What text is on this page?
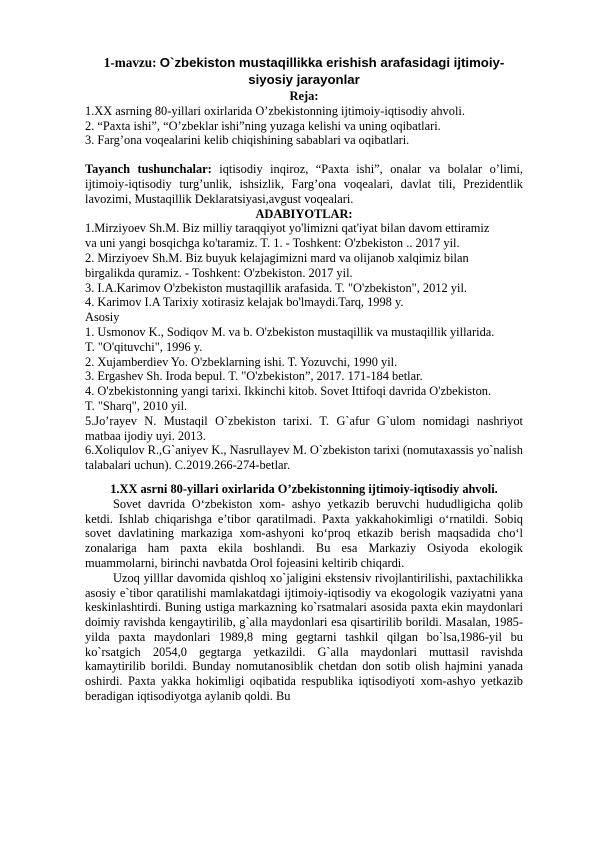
1-mavzu: O`zbekiston mustaqillikka erishish arafasidagi ijtimoiy-siyosiy jarayonlar
Reja:
1.XX asrning 80-yillari oxirlarida O’zbekistonning ijtimoiy-iqtisodiy ahvoli.
2. “Paxta ishi”, “O’zbeklar ishi”ning yuzaga kelishi va uning oqibatlari.
3. Farg’ona voqealarini kelib chiqishining sabablari va oqibatlari.
Tayanch tushunchalar: iqtisodiy inqiroz, “Paxta ishi”, onalar va bolalar o’limi, ijtimoiy-iqtisodiy turg’unlik, ishsizlik, Farg’ona voqealari, davlat tili, Prezidentlik lavozimi, Mustaqillik Deklaratsiyasi,avgust voqealari.
ADABIYOTLAR:
1.Mirziyoev Sh.M. Biz milliy taraqqiyot yo'limizni qat'iyat bilan davom ettiramiz
va uni yangi bosqichga ko'taramiz. T. 1. - Toshkent: O'zbekiston .. 2017 yil.
2. Mirziyoev Sh.M. Biz buyuk kelajagimizni mard va olijanob xalqimiz bilan
birgalikda quramiz. - Toshkent: O'zbekiston. 2017 yil.
3. I.A.Karimov O'zbekiston mustaqillik arafasida. T. "O'zbekiston", 2012 yil.
4. Karimov I.A Tarixiy xotirasiz kelajak bo'lmaydi.Tarq, 1998 y.
Asosiy
1. Usmonov K., Sodiqov M. va b. O'zbekiston mustaqillik va mustaqillik yillarida.
T. "O'qituvchi", 1996 y.
2. Xujamberdiev Yo. O'zbeklarning ishi. T. Yozuvchi, 1990 yil.
3. Ergashev Sh. Iroda bepul. T. "O'zbekiston”, 2017. 171-184 betlar.
4. O'zbekistonning yangi tarixi. Ikkinchi kitob. Sovet Ittifoqi davrida O'zbekiston.
T. "Sharq", 2010 yil.
5.Jo’rayev N. Mustaqil O`zbekiston tarixi. T. G`afur G`ulom nomidagi nashriyot matbaa ijodiy uyi. 2013.
6.Xoliqulov R.,G`aniyev K., Nasrullayev M. O`zbekiston tarixi (nomutaxassis yo`nalish talabalari uchun). C.2019.266-274-betlar.
1.XX asrni 80-yillari oxirlarida O’zbekistonning ijtimoiy-iqtisodiy ahvoli.
Sovet davrida O‘zbekiston xom- ashyo yetkazib beruvchi hududligicha qolib ketdi. Ishlab chiqarishga e’tibor qaratilmadi. Paxta yakkahokimligi o‘rnatildi. Sobiq sovet davlatining markaziga xom-ashyoni ko‘proq etkazib berish maqsadida cho‘l zonalariga ham paxta ekila boshlandi. Bu esa Markaziy Osiyoda ekologik muammolarni, birinchi navbatda Orol fojeasini keltirib chiqardi.
Uzoq yilllar davomida qishloq xo`jaligini ekstensiv rivojlantirilishi, paxtachilikka asosiy e`tibor qaratilishi mamlakatdagi ijtimoiy-iqtisodiy va ekogologik vaziyatni yana keskinlashtirdi. Buning ustiga markazning ko`rsatmalari asosida paxta ekin maydonlari doimiy ravishda kengaytirilib, g`alla maydonlari esa qisartirilib borildi. Masalan, 1985-yilda paxta maydonlari 1989,8 ming gegtarni tashkil qilgan bo`lsa,1986-yil bu ko`rsatgich 2054,0 gegtarga yetkazildi. G`alla maydonlari muttasil ravishda kamaytirilib borildi. Bunday nomutanosiblik chetdan don sotib olish hajmini yanada oshirdi. Paxta yakka hokimligi oqibatida respublika iqtisodiyoti xom-ashyo yetkazib beradigan iqtisodiyotga aylanib qoldi. Bu
